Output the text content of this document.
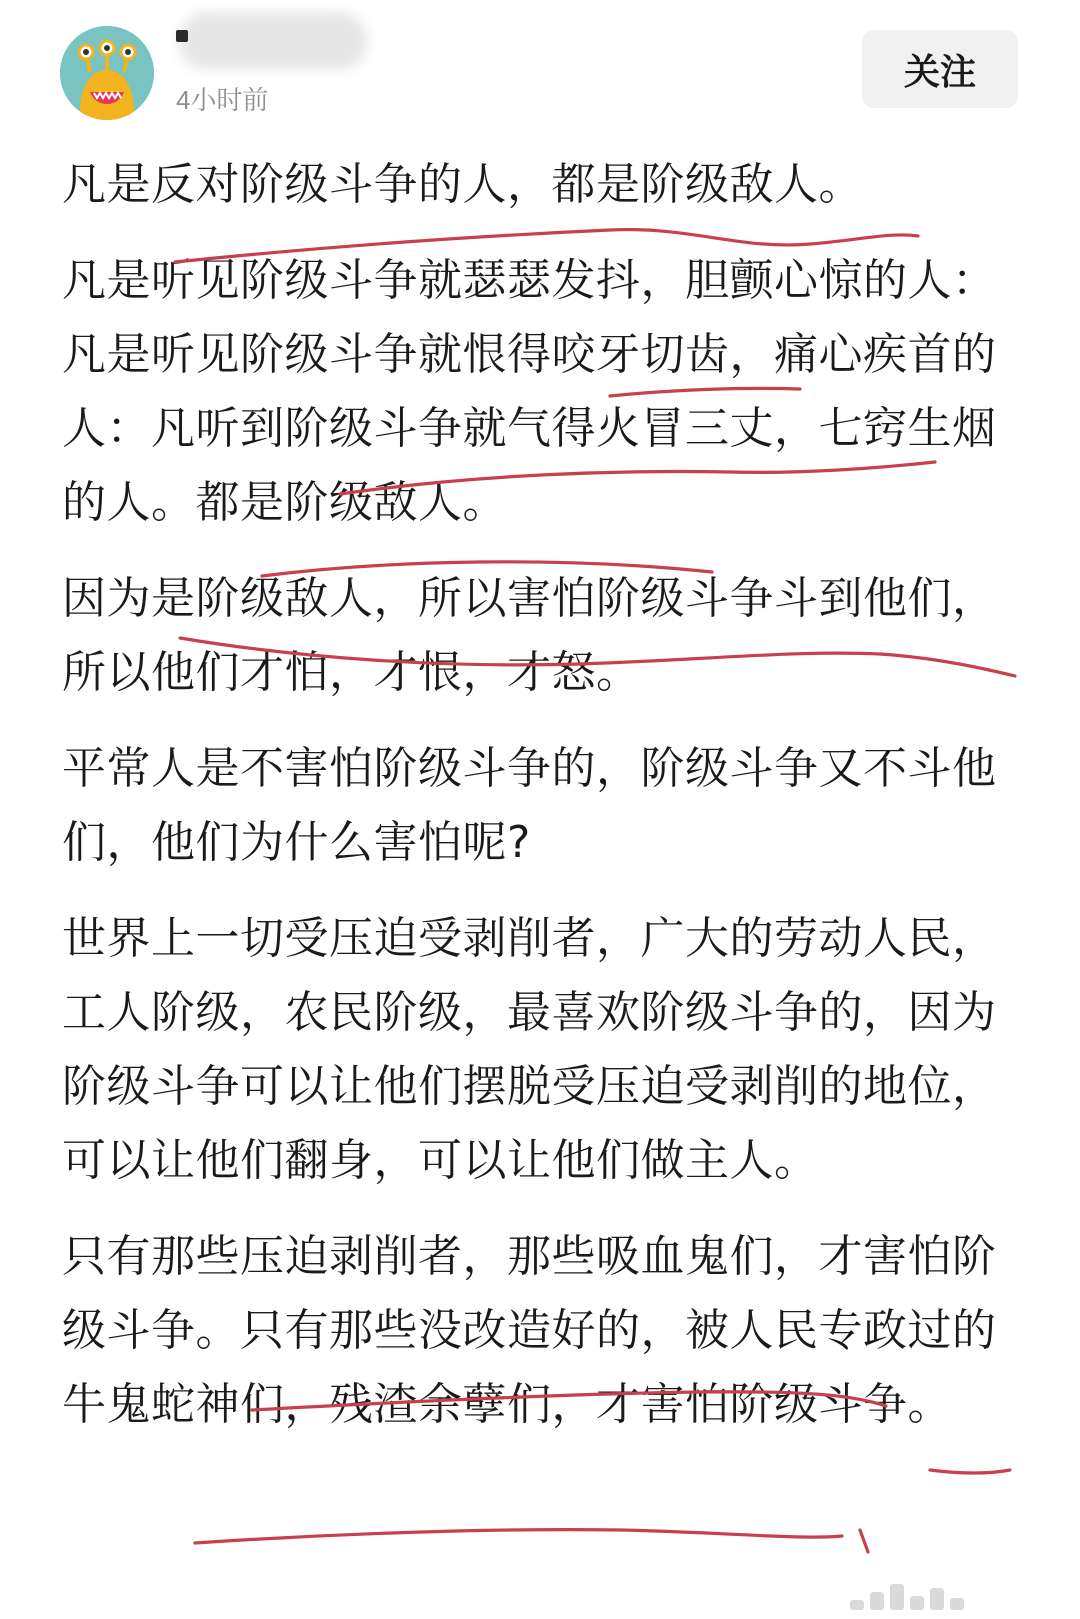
4小时前
关注

凡是反对阶级斗争的人，都是阶级敌人。

凡是听见阶级斗争就瑟瑟发抖，胆颤心惊的人：凡是听见阶级斗争就恨得咬牙切齿，痛心疾首的人：凡听到阶级斗争就气得火冒三丈，七窍生烟的人。都是阶级敌人。

因为是阶级敌人，所以害怕阶级斗争斗到他们，所以他们才怕，才恨，才怒。

平常人是不害怕阶级斗争的，阶级斗争又不斗他们，他们为什么害怕呢?

世界上一切受压迫受剥削者，广大的劳动人民，工人阶级，农民阶级，最喜欢阶级斗争的，因为阶级斗争可以让他们摆脱受压迫受剥削的地位，可以让他们翻身，可以让他们做主人。

只有那些压迫剥削者，那些吸血鬼们，才害怕阶级斗争。只有那些没改造好的，被人民专政过的牛鬼蛇神们，残渣余孽们，才害怕阶级斗争。
